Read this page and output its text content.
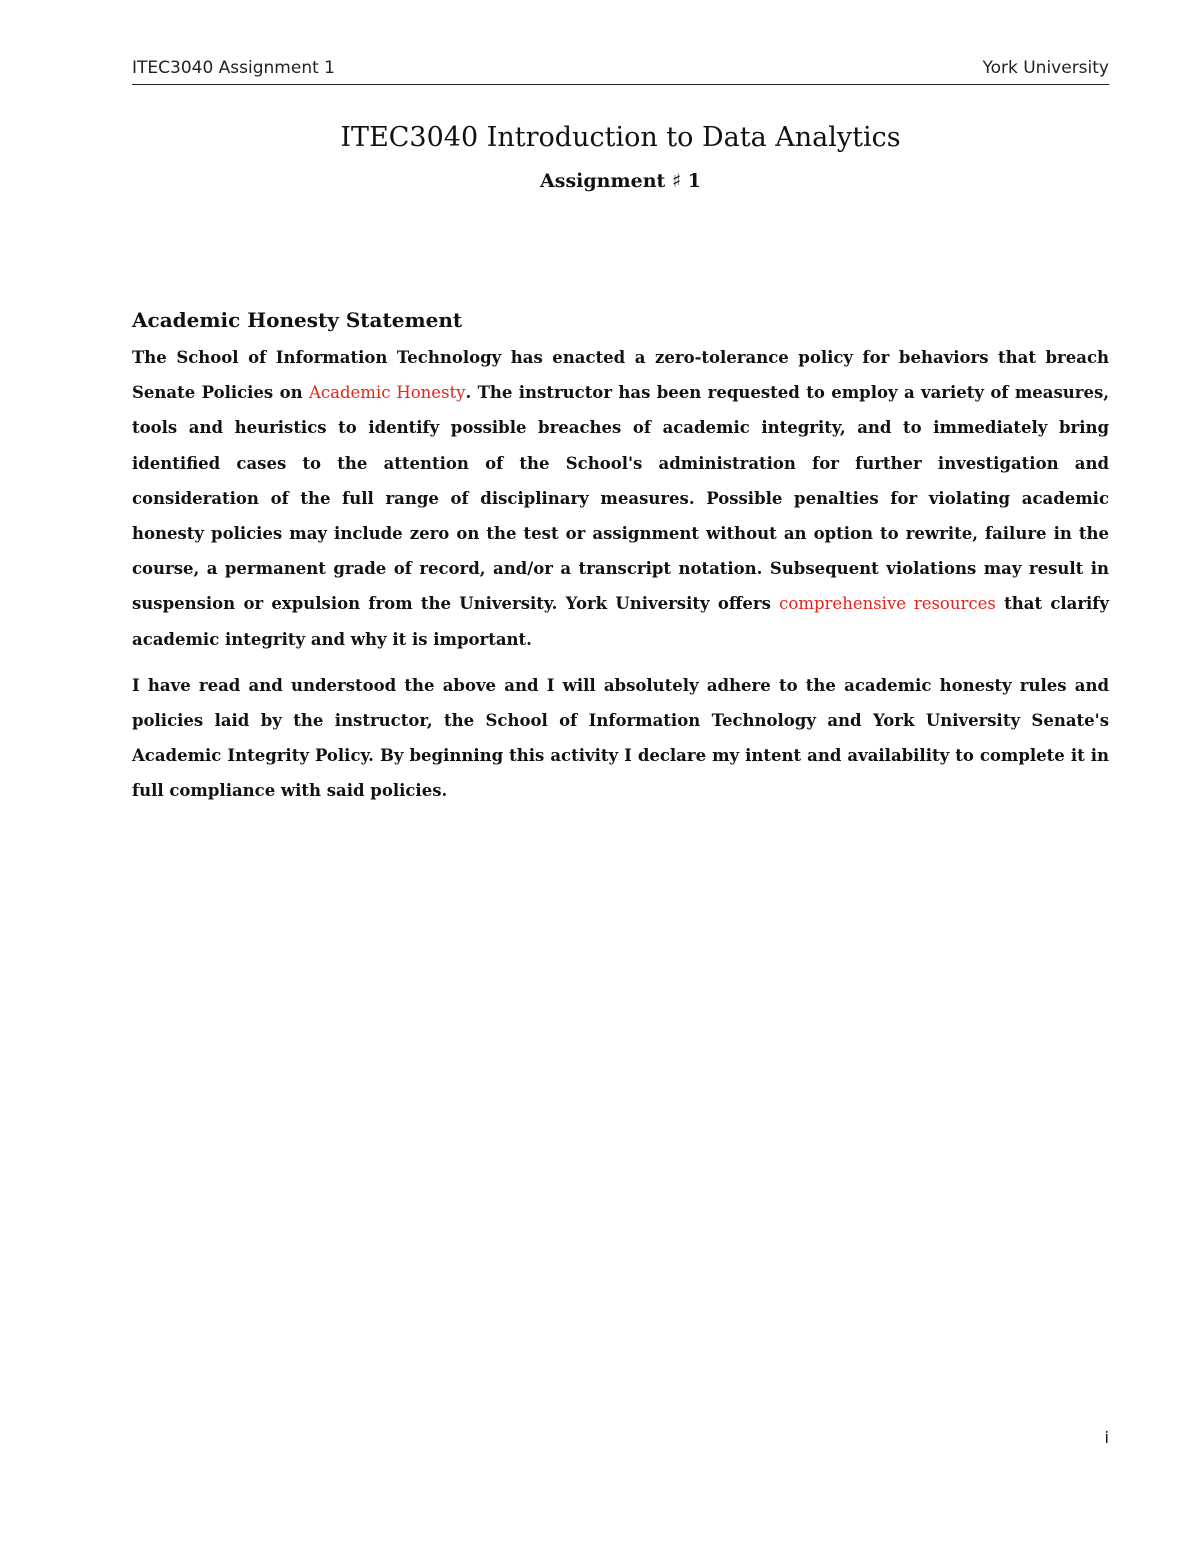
ITEC3040 Assignment 1	York University
ITEC3040 Introduction to Data Analytics
Assignment ♯ 1
Academic Honesty Statement

The School of Information Technology has enacted a zero-tolerance policy for behaviors that breach Senate Policies on Academic Honesty. The instructor has been requested to employ a variety of measures, tools and heuristics to identify possible breaches of academic integrity, and to immediately bring identified cases to the attention of the School's administration for further investigation and consideration of the full range of disciplinary measures. Possible penalties for violating academic honesty policies may include zero on the test or assignment without an option to rewrite, failure in the course, a permanent grade of record, and/or a transcript notation. Subsequent violations may result in suspension or expulsion from the University. York University offers comprehensive resources that clarify academic integrity and why it is important.

I have read and understood the above and I will absolutely adhere to the academic honesty rules and policies laid by the instructor, the School of Information Technology and York University Senate's Academic Integrity Policy. By beginning this activity I declare my intent and availability to complete it in full compliance with said policies.

i
